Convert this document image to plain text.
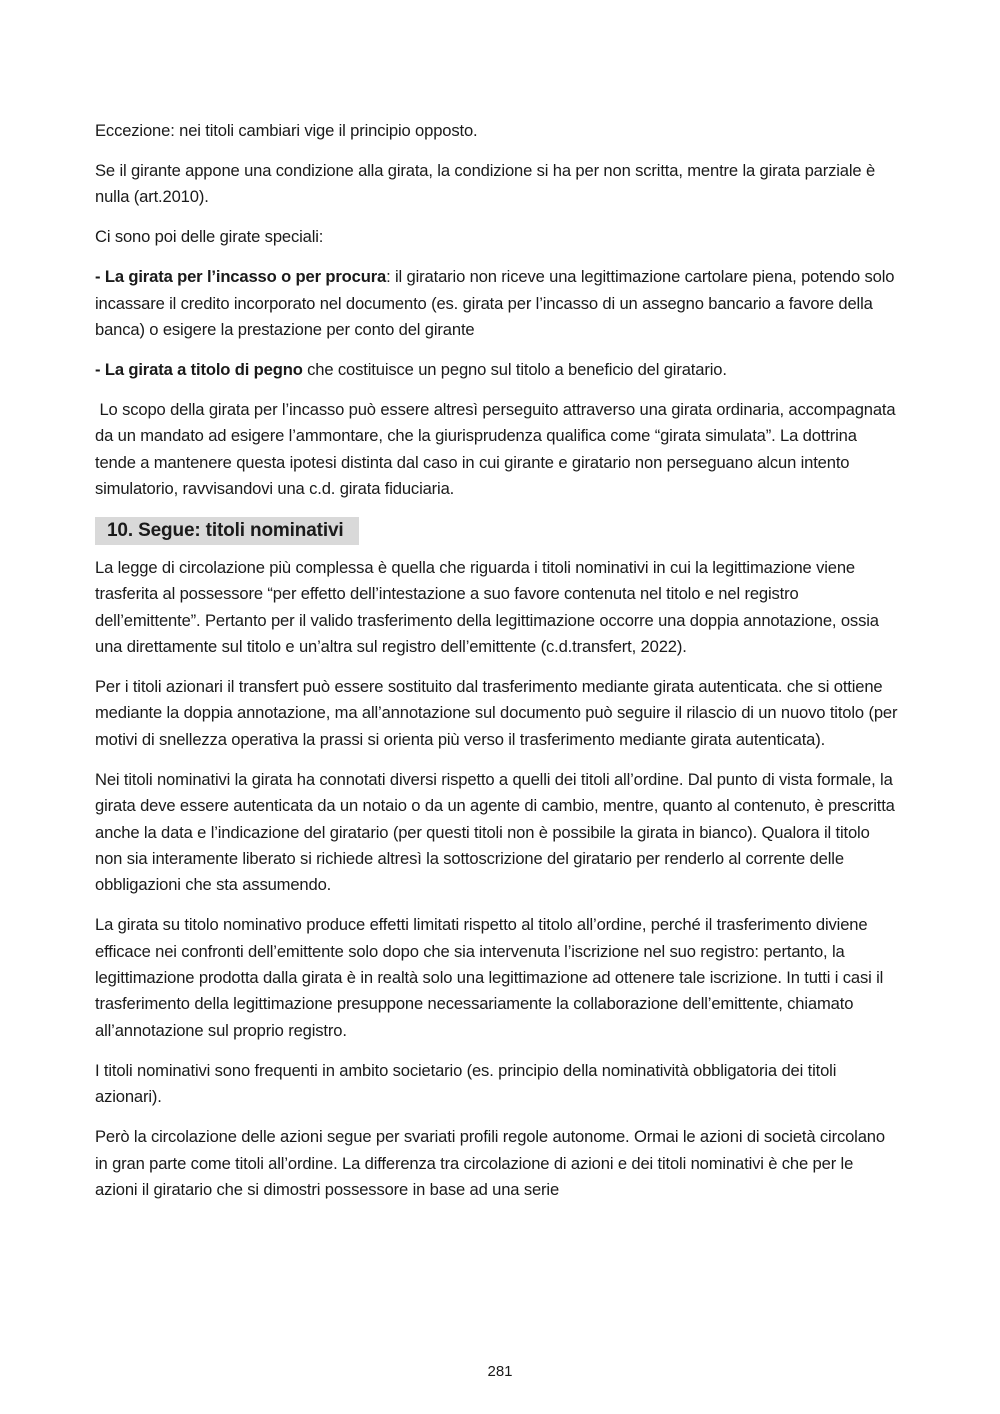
Eccezione: nei titoli cambiari vige il principio opposto.

Se il girante appone una condizione alla girata, la condizione si ha per non scritta, mentre la girata parziale è nulla (art.2010).

Ci sono poi delle girate speciali:

- La girata per l’incasso o per procura: il giratario non riceve una legittimazione cartolare piena, potendo solo incassare il credito incorporato nel documento (es. girata per l’incasso di un assegno bancario a favore della banca) o esigere la prestazione per conto del girante

- La girata a titolo di pegno che costituisce un pegno sul titolo a beneficio del giratario.

Lo scopo della girata per l’incasso può essere altresì perseguito attraverso una girata ordinaria, accompagnata da un mandato ad esigere l’ammontare, che la giurisprudenza qualifica come “girata simulata”. La dottrina tende a mantenere questa ipotesi distinta dal caso in cui girante e giratario non perseguano alcun intento simulatorio, ravvisandovi una c.d. girata fiduciaria.

10. Segue: titoli nominativi

La legge di circolazione più complessa è quella che riguarda i titoli nominativi in cui la legittimazione viene trasferita al possessore “per effetto dell’intestazione a suo favore contenuta nel titolo e nel registro dell’emittente”. Pertanto per il valido trasferimento della legittimazione occorre una doppia annotazione, ossia una direttamente sul titolo e un’altra sul registro dell’emittente (c.d.transfert, 2022).

Per i titoli azionari il transfert può essere sostituito dal trasferimento mediante girata autenticata. che si ottiene mediante la doppia annotazione, ma all’annotazione sul documento può seguire il rilascio di un nuovo titolo (per motivi di snellezza operativa la prassi si orienta più verso il trasferimento mediante girata autenticata).

Nei titoli nominativi la girata ha connotati diversi rispetto a quelli dei titoli all’ordine. Dal punto di vista formale, la girata deve essere autenticata da un notaio o da un agente di cambio, mentre, quanto al contenuto, è prescritta anche la data e l’indicazione del giratario (per questi titoli non è possibile la girata in bianco). Qualora il titolo non sia interamente liberato si richiede altresì la sottoscrizione del giratario per renderlo al corrente delle obbligazioni che sta assumendo.

La girata su titolo nominativo produce effetti limitati rispetto al titolo all’ordine, perché il trasferimento diviene efficace nei confronti dell’emittente solo dopo che sia intervenuta l’iscrizione nel suo registro: pertanto, la legittimazione prodotta dalla girata è in realtà solo una legittimazione ad ottenere tale iscrizione. In tutti i casi il trasferimento della legittimazione presuppone necessariamente la collaborazione dell’emittente, chiamato all’annotazione sul proprio registro.

I titoli nominativi sono frequenti in ambito societario (es. principio della nominatività obbligatoria dei titoli azionari).

Però la circolazione delle azioni segue per svariati profili regole autonome. Ormai le azioni di società circolano in gran parte come titoli all’ordine. La differenza tra circolazione di azioni e dei titoli nominativi è che per le azioni il giratario che si dimostri possessore in base ad una serie

281
